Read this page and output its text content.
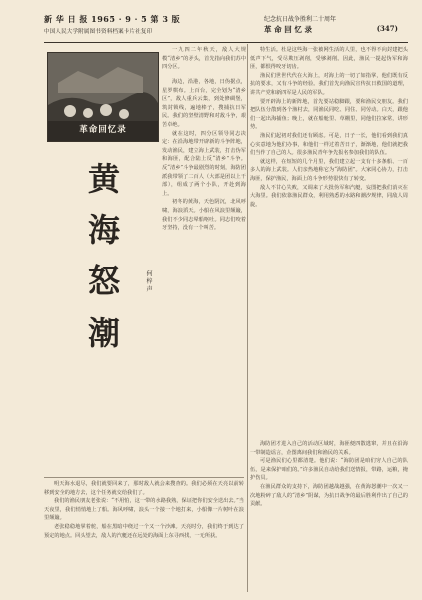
新 华 日 报 1965 · 9 · 5 第 3 版
中国人民大学附属图书资料档案卡片社复印
纪念抗日战争胜利二十周年
革 命 回 忆 录	(347)
革命回忆录
黄
海
怒
潮
何 梓 声

一九四二年秋天，敌人大规模“清乡”的矛头，首先指向我们苏中四分区。

海边，沿港，各地，日伪据点，星罗棋布。上百台，完全划为“清乡区”，敌人重兵云集，到处修碉堡，筑封锁线，遍地棒子，搜捕抗日军民。我们的坚壁清野和对敌斗争，艰苦卓绝。

就在这时，四分区领导同志决定：在沿海地带开辟新的斗争阵地，发动渔民，建立海上武装，打击伪军和海匪，配合陆上反“清乡”斗争。反“清乡”斗争最剧烈的时刻，海防团派我带领了二百人（大部是团以上干部），组成了两个小队，开赴到海上。

初冬的黄海，天色阴沉，北风呼啸，海浪滔天。小船在风浪里颠簸，我们不少同志晕船呕吐。同志们咬着牙坚持，没有一个叫苦。

特生活。杜是这些海一张被网生活的人里，也不得不向封建把头低声下气，受尽欺压剥削，受够剥削。因此，渔民一提起伪军和海匪，都恨得咬牙切齿。

渔民们世世代代在大海上，对海上的一切了如指掌，他们既有反抗的要求，又有斗争的经验。我们首先向渔民宣传抗日救国的道理，讲共产党和新四军是人民的军队。

要开辟海上的新阵地，首先要站稳脚跟，要和渔民交朋友。我们把队伍分散到各个渔村去，同渔民同吃、同住、同劳动。白天，跟他们一起出海捕鱼；晚上，就在船舱里、草棚里，同他们拉家常，讲形势。

渔民们起初对我们还有顾虑。可是，日子一长，他们看到我们真心实意地为他们办事，和他们一样过着苦日子，渐渐地，他们就把我们当作了自己的人。很多渔民青年争先报名参加我们的队伍。

就这样，在短短的几个月里，我们建立起一支有十多条船、一百多人的海上武装。人们亲热地称它为“海防团”。大家同心协力，打击海匪，保护渔民，海面上的斗争形势很快有了转变。

敌人不甘心失败，又调来了大批伪军和汽艇，妄图把我们消灭在大海里。我们依靠渔民群众，利用熟悉的水路和潮汐规律，同敌人周旋。

明天海水退尽，我们就要回来了，那时敌人就会来搜查的。我们必须在天亮以前转移到安全的地方去，这个任务就交给我们了。

我们的渔民朋友老张说：“不用怕，这一带的水路我熟，保证把你们安全送出去。”当天夜里，我们悄悄地上了船。海风呼啸，浪头一个接一个地打来，小船像一片树叶在浪里颠簸。

老张稳稳地掌着舵，船在黑暗中绕过一个又一个沙滩。天亮时分，我们终于到达了预定的地点。回头望去，敌人的汽艇还在远处的海面上东寻西找，一无所获。

海防团才进入自己的活动区域时，海匪便四散逃窜，并且在沿海一带制造谣言，企图离间我们和渔民的关系。

可是渔民们心里都清楚。他们说：“海防团是咱们穷人自己的队伍，是来保护咱们的。”许多渔民自动给我们送情报，带路，运粮，掩护伤员。

在渔民群众的支持下，海防团越战越强，在黄海怒潮中一次又一次地粉碎了敌人的“清乡”阴谋，为抗日战争的最后胜利作出了自己的贡献。
